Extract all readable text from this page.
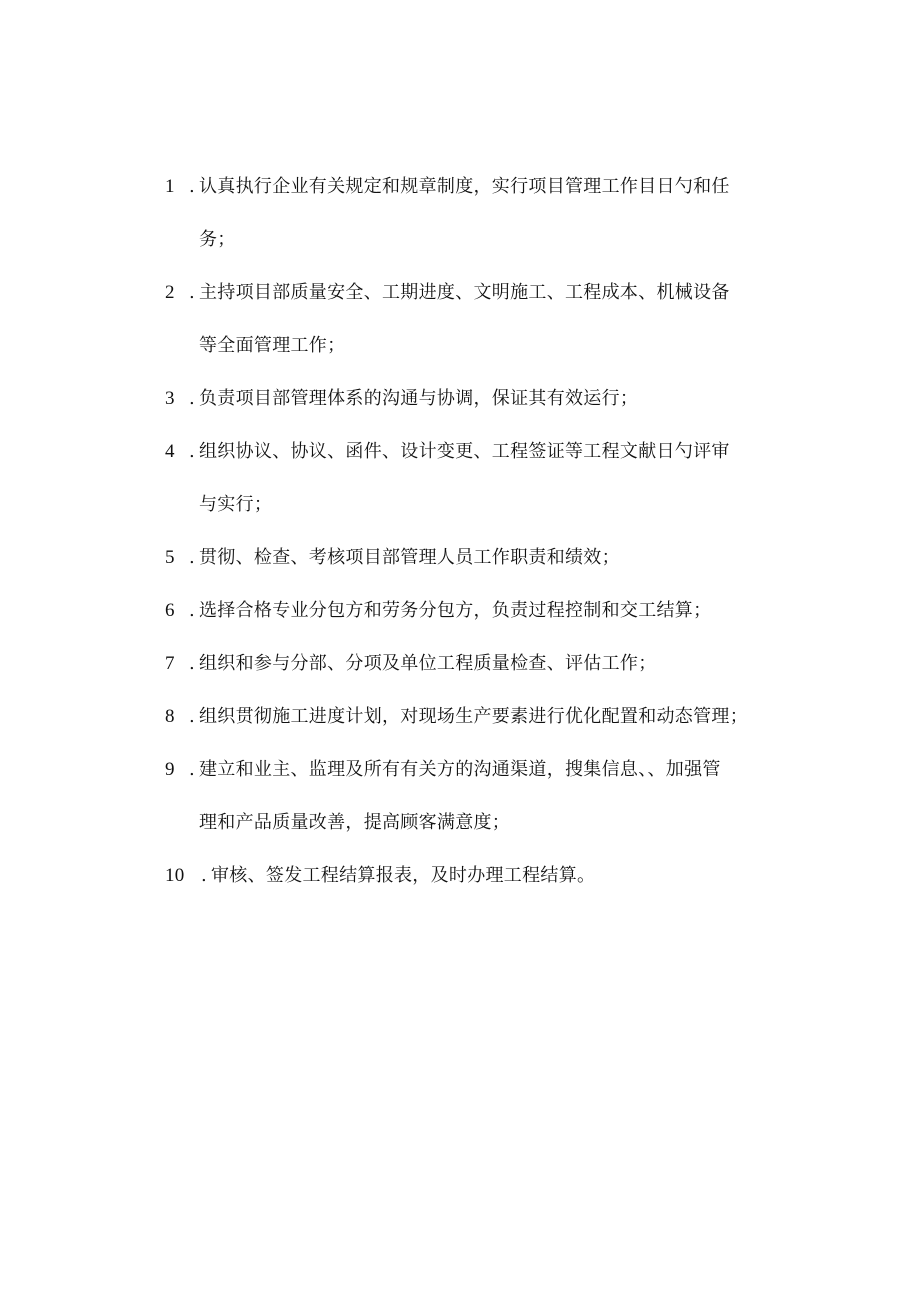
1 . 认真执行企业有关规定和规章制度，实行项目管理工作目日勺和任
务；
2 . 主持项目部质量安全、工期进度、文明施工、工程成本、机械设备
等全面管理工作；
3 . 负责项目部管理体系的沟通与协调，保证其有效运行；
4 . 组织协议、协议、函件、设计变更、工程签证等工程文献日勺评审
与实行；
5 . 贯彻、检查、考核项目部管理人员工作职责和绩效；
6 . 选择合格专业分包方和劳务分包方，负责过程控制和交工结算；
7 . 组织和参与分部、分项及单位工程质量检查、评估工作；
8 . 组织贯彻施工进度计划，对现场生产要素进行优化配置和动态管理；
9 . 建立和业主、监理及所有有关方的沟通渠道，搜集信息、、加强管
理和产品质量改善，提高顾客满意度；
10 . 审核、签发工程结算报表，及时办理工程结算。
